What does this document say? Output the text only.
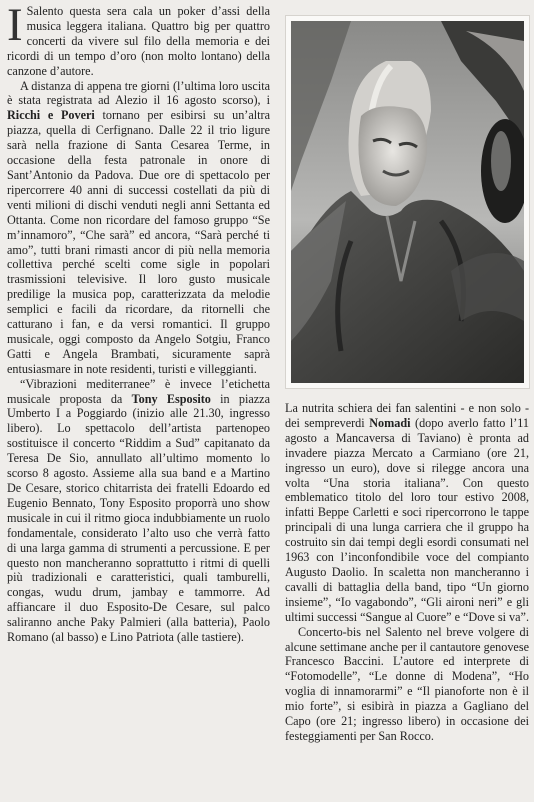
I Salento questa sera cala un poker d’assi della musica leggera italiana. Quattro big per quattro concerti da vivere sul filo della memoria e dei ricordi di un tempo d’oro (non molto lontano) della canzone d’autore.

A distanza di appena tre giorni (l’ultima loro uscita è stata registrata ad Alezio il 16 agosto scorso), i Ricchi e Poveri tornano per esibirsi su un’altra piazza, quella di Cerfignano. Dalle 22 il trio ligure sarà nella frazione di Santa Cesarea Terme, in occasione della festa patronale in onore di Sant’Antonio da Padova. Due ore di spettacolo per ripercorrere 40 anni di successi costellati da più di venti milioni di dischi venduti negli anni Settanta ed Ottanta. Come non ricordare del famoso gruppo “Se m’innamoro”, “Che sarà” ed ancora, “Sarà perché ti amo”, tutti brani rimasti ancor di più nella memoria collettiva perché scelti come sigle in popolari trasmissioni televisive. Il loro gusto musicale predilige la musica pop, caratterizzata da melodie semplici e facili da ricordare, da ritornelli che catturano i fan, e da versi romantici. Il gruppo musicale, oggi composto da Angelo Sotgiu, Franco Gatti e Angela Brambati, sicuramente saprà entusiasmare in note residenti, turisti e villeggianti.

“Vibrazioni mediterranee” è invece l’etichetta musicale proposta da Tony Esposito in piazza Umberto I a Poggiardo (inizio alle 21.30, ingresso libero). Lo spettacolo dell’artista partenopeo sostituisce il concerto “Riddim a Sud” capitanato da Teresa De Sio, annullato all’ultimo momento lo scorso 8 agosto. Assieme alla sua band e a Martino De Cesare, storico chitarrista dei fratelli Edoardo ed Eugenio Bennato, Tony Esposito proporrà uno show musicale in cui il ritmo gioca indubbiamente un ruolo fondamentale, considerato l’alto uso che verrà fatto di una larga gamma di strumenti a percussione. E per questo non mancheranno soprattutto i ritmi di quelli più tradizionali e caratteristici, quali tamburelli, congas, wudu drum, jambay e tammorre. Ad affiancare il duo Esposito-De Cesare, sul palco saliranno anche Paky Palmieri (alla batteria), Paolo Romano (al basso) e Lino Patriota (alle tastiere).

La nutrita schiera dei fan salentini - e non solo - dei sempreverdi Nomadi (dopo averlo fatto l’11 agosto a Mancaversa di Taviano) è pronta ad invadere piazza Mercato a Carmiano (ore 21, ingresso un euro), dove si rilegge ancora una volta “Una storia italiana”. Con questo emblematico titolo del loro tour estivo 2008, infatti Beppe Carletti e soci ripercorrono le tappe principali di una lunga carriera che il gruppo ha costruito sin dai tempi degli esordi consumati nel 1963 con l’inconfondibile voce del compianto Augusto Daolio. In scaletta non mancheranno i cavalli di battaglia della band, tipo “Un giorno insieme”, “Io vagabondo”, “Gli aironi neri” e gli ultimi successi “Sangue al Cuore” e “Dove si va”.

Concerto-bis nel Salento nel breve volgere di alcune settimane anche per il cantautore genovese Francesco Baccini. L’autore ed interprete di “Fotomodelle”, “Le donne di Modena”, “Ho voglia di innamorarmi” e “Il pianoforte non è il mio forte”, si esibirà in piazza a Gagliano del Capo (ore 21; ingresso libero) in occasione dei festeggiamenti per San Rocco.
